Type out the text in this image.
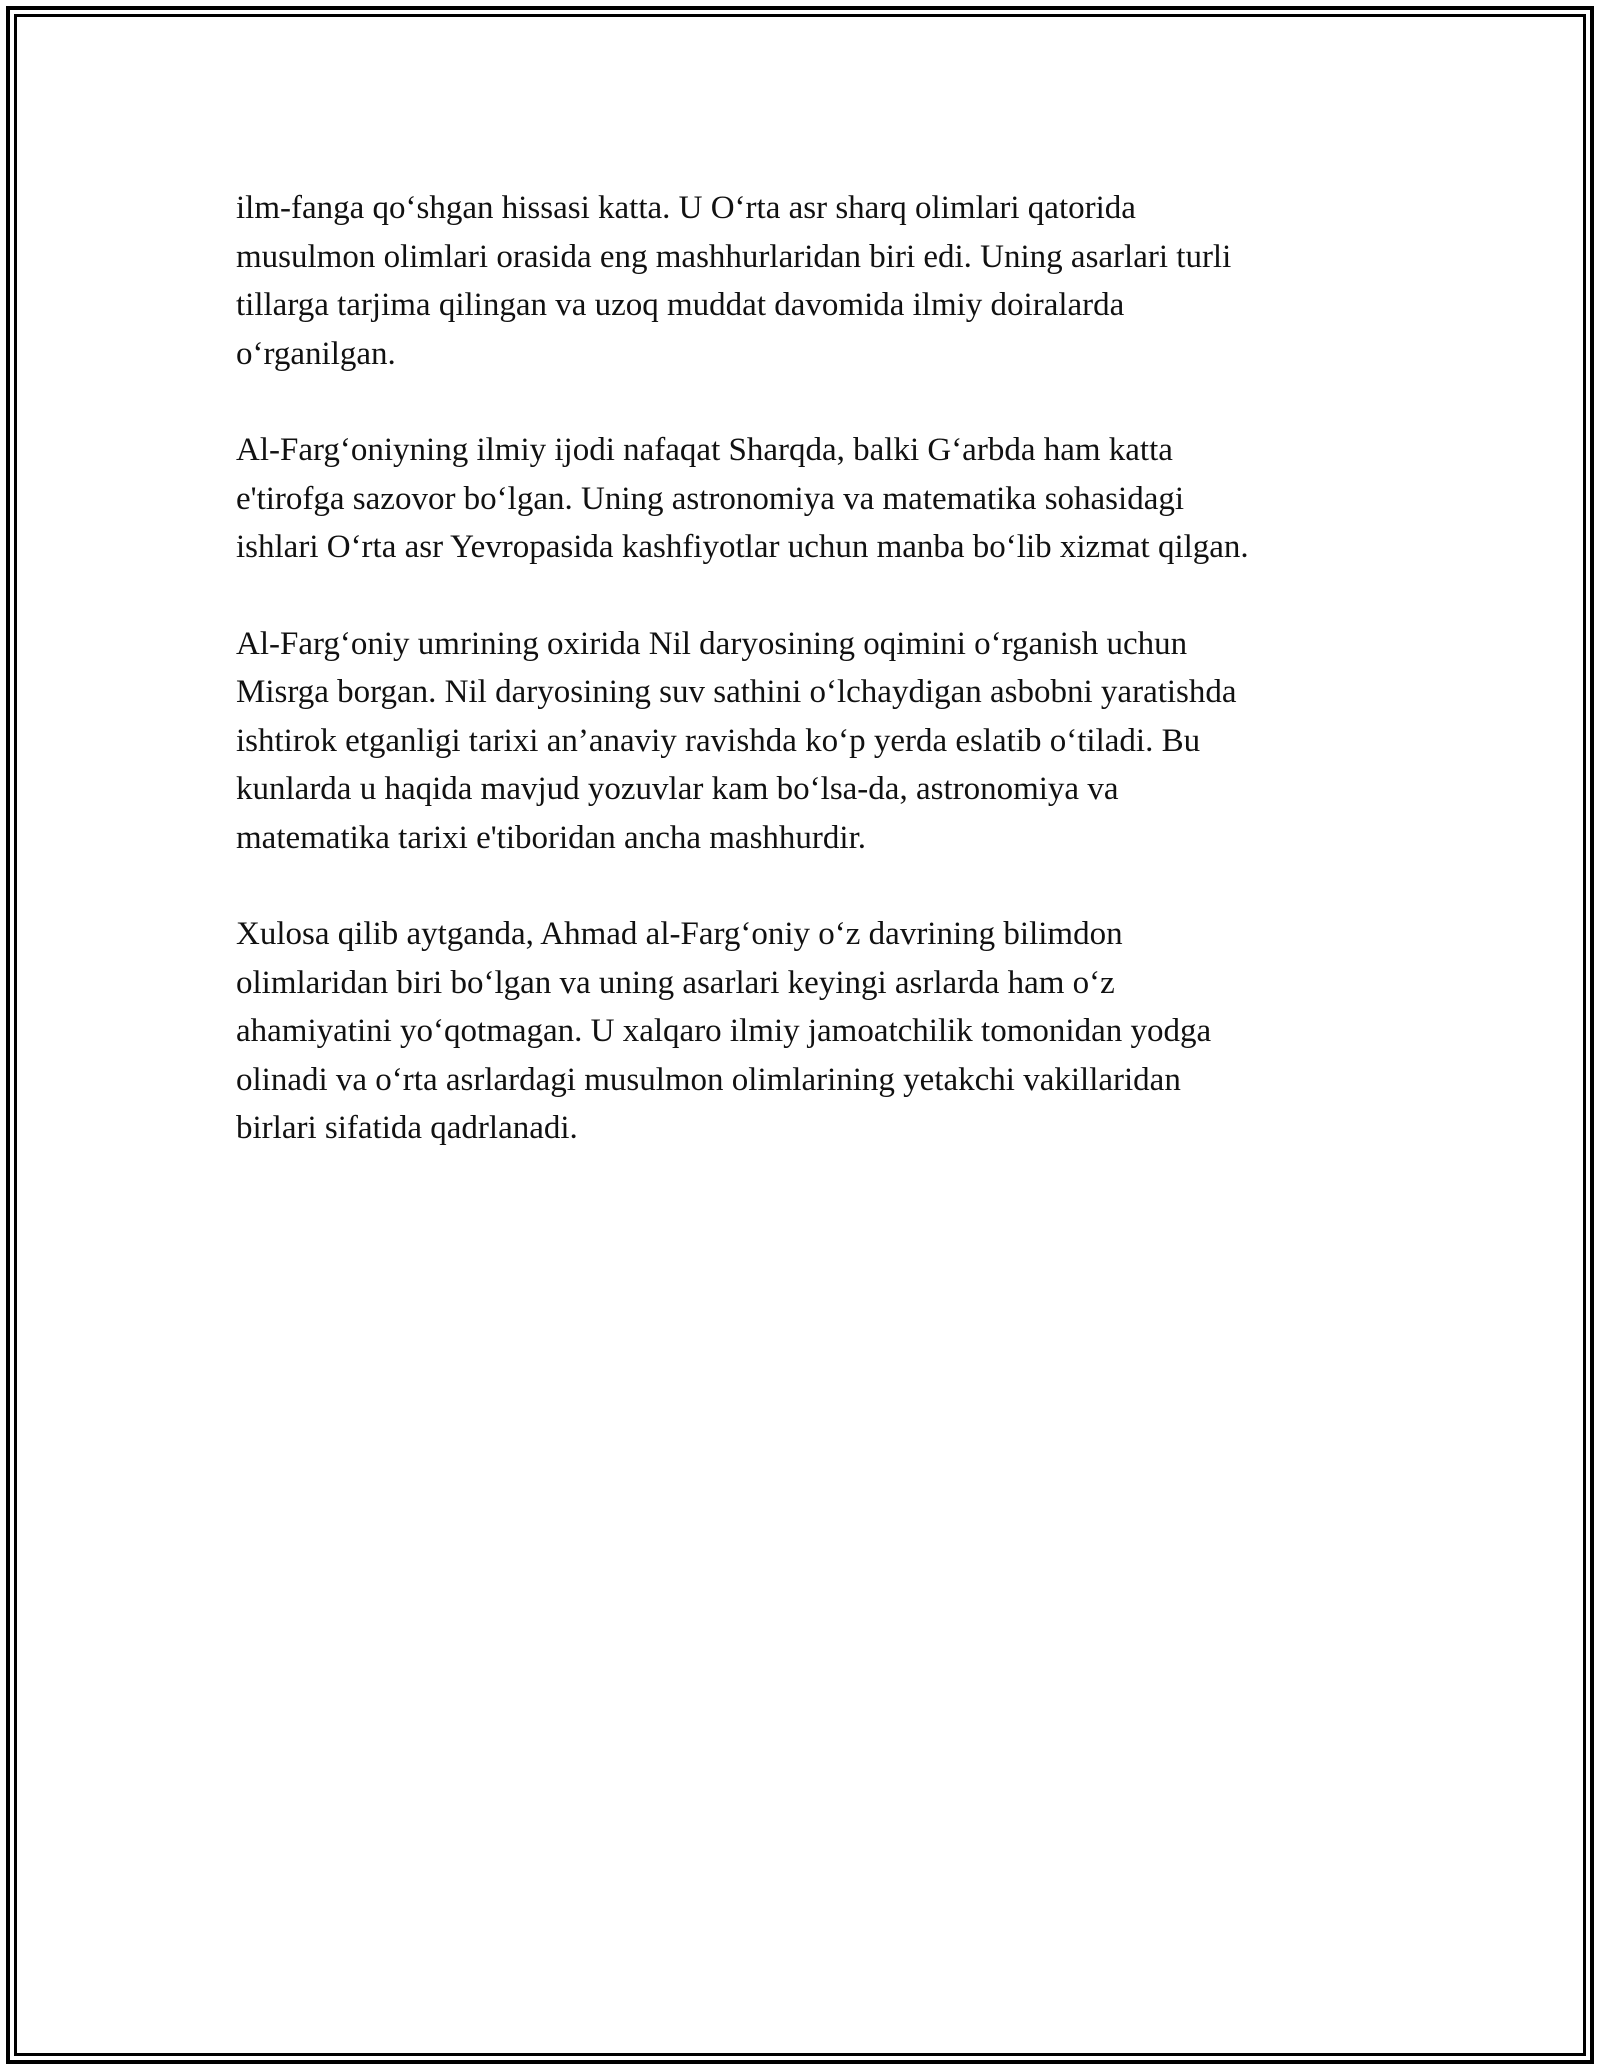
ilm-fanga qo‘shgan hissasi katta. U O‘rta asr sharq olimlari qatorida
musulmon olimlari orasida eng mashhurlaridan biri edi. Uning asarlari turli
tillarga tarjima qilingan va uzoq muddat davomida ilmiy doiralarda
o‘rganilgan.

Al-Farg‘oniyning ilmiy ijodi nafaqat Sharqda, balki G‘arbda ham katta
e'tirofga sazovor bo‘lgan. Uning astronomiya va matematika sohasidagi
ishlari O‘rta asr Yevropasida kashfiyotlar uchun manba bo‘lib xizmat qilgan.

Al-Farg‘oniy umrining oxirida Nil daryosining oqimini o‘rganish uchun
Misrga borgan. Nil daryosining suv sathini o‘lchaydigan asbobni yaratishda
ishtirok etganligi tarixi an’anaviy ravishda ko‘p yerda eslatib o‘tiladi. Bu
kunlarda u haqida mavjud yozuvlar kam bo‘lsa-da, astronomiya va
matematika tarixi e'tiboridan ancha mashhurdir.

Xulosa qilib aytganda, Ahmad al-Farg‘oniy o‘z davrining bilimdon
olimlaridan biri bo‘lgan va uning asarlari keyingi asrlarda ham o‘z
ahamiyatini yo‘qotmagan. U xalqaro ilmiy jamoatchilik tomonidan yodga
olinadi va o‘rta asrlardagi musulmon olimlarining yetakchi vakillaridan
birlari sifatida qadrlanadi.
